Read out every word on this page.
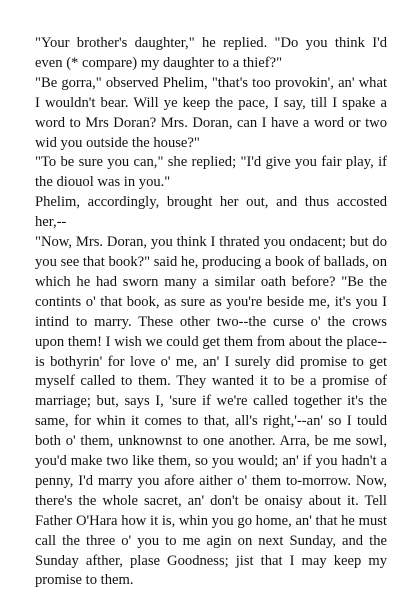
"Your brother's daughter," he replied. "Do you think I'd even (* compare) my daughter to a thief?"

"Be gorra," observed Phelim, "that's too provokin', an' what I wouldn't bear. Will ye keep the pace, I say, till I spake a word to Mrs Doran? Mrs. Doran, can I have a word or two wid you outside the house?"

"To be sure you can," she replied; "I'd give you fair play, if the diouol was in you."

Phelim, accordingly, brought her out, and thus accosted her,--

"Now, Mrs. Doran, you think I thrated you ondacent; but do you see that book?" said he, producing a book of ballads, on which he had sworn many a similar oath before? "Be the contints o' that book, as sure as you're beside me, it's you I intind to marry. These other two--the curse o' the crows upon them! I wish we could get them from about the place--is bothyrin' for love o' me, an' I surely did promise to get myself called to them. They wanted it to be a promise of marriage; but, says I, 'sure if we're called together it's the same, for whin it comes to that, all's right,'--an' so I tould both o' them, unknownst to one another. Arra, be me sowl, you'd make two like them, so you would; an' if you hadn't a penny, I'd marry you afore aither o' them to-morrow. Now, there's the whole sacret, an' don't be onaisy about it. Tell Father O'Hara how it is, whin you go home, an' that he must call the three o' you to me agin on next Sunday, and the Sunday afther, plase Goodness; jist that I may keep my promise to them.
